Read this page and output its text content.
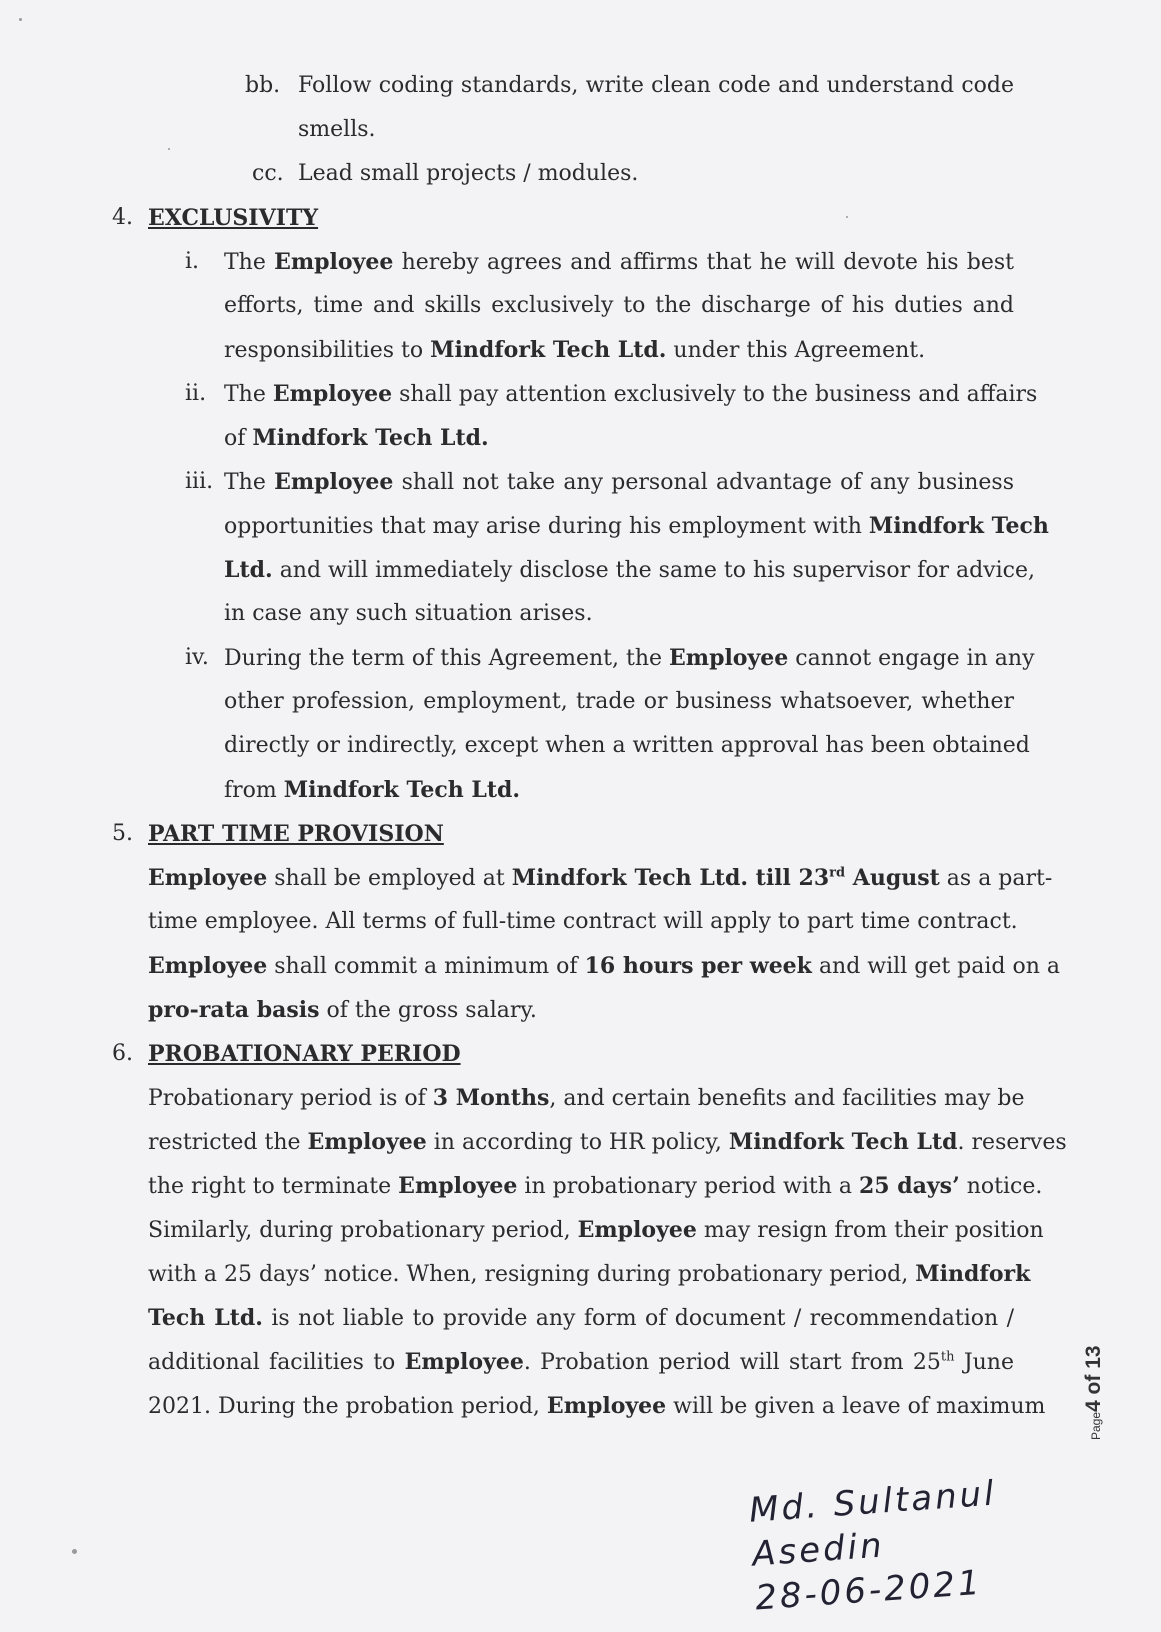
bb. Follow coding standards, write clean code and understand code
smells.
cc. Lead small projects / modules.
4. EXCLUSIVITY
i. The Employee hereby agrees and affirms that he will devote his best
efforts, time and skills exclusively to the discharge of his duties and
responsibilities to Mindfork Tech Ltd. under this Agreement.
ii. The Employee shall pay attention exclusively to the business and affairs
of Mindfork Tech Ltd.
iii. The Employee shall not take any personal advantage of any business
opportunities that may arise during his employment with Mindfork Tech
Ltd. and will immediately disclose the same to his supervisor for advice,
in case any such situation arises.
iv. During the term of this Agreement, the Employee cannot engage in any
other profession, employment, trade or business whatsoever, whether
directly or indirectly, except when a written approval has been obtained
from Mindfork Tech Ltd.
5. PART TIME PROVISION
Employee shall be employed at Mindfork Tech Ltd. till 23rd August as a part-
time employee. All terms of full-time contract will apply to part time contract.
Employee shall commit a minimum of 16 hours per week and will get paid on a
pro-rata basis of the gross salary.
6. PROBATIONARY PERIOD
Probationary period is of 3 Months, and certain benefits and facilities may be
restricted the Employee in according to HR policy, Mindfork Tech Ltd. reserves
the right to terminate Employee in probationary period with a 25 days’ notice.
Similarly, during probationary period, Employee may resign from their position
with a 25 days’ notice. When, resigning during probationary period, Mindfork
Tech Ltd. is not liable to provide any form of document / recommendation /
additional facilities to Employee. Probation period will start from 25th June
2021. During the probation period, Employee will be given a leave of maximum
Page4 of 13
Md. Sultanul
Asedin
28-06-2021
